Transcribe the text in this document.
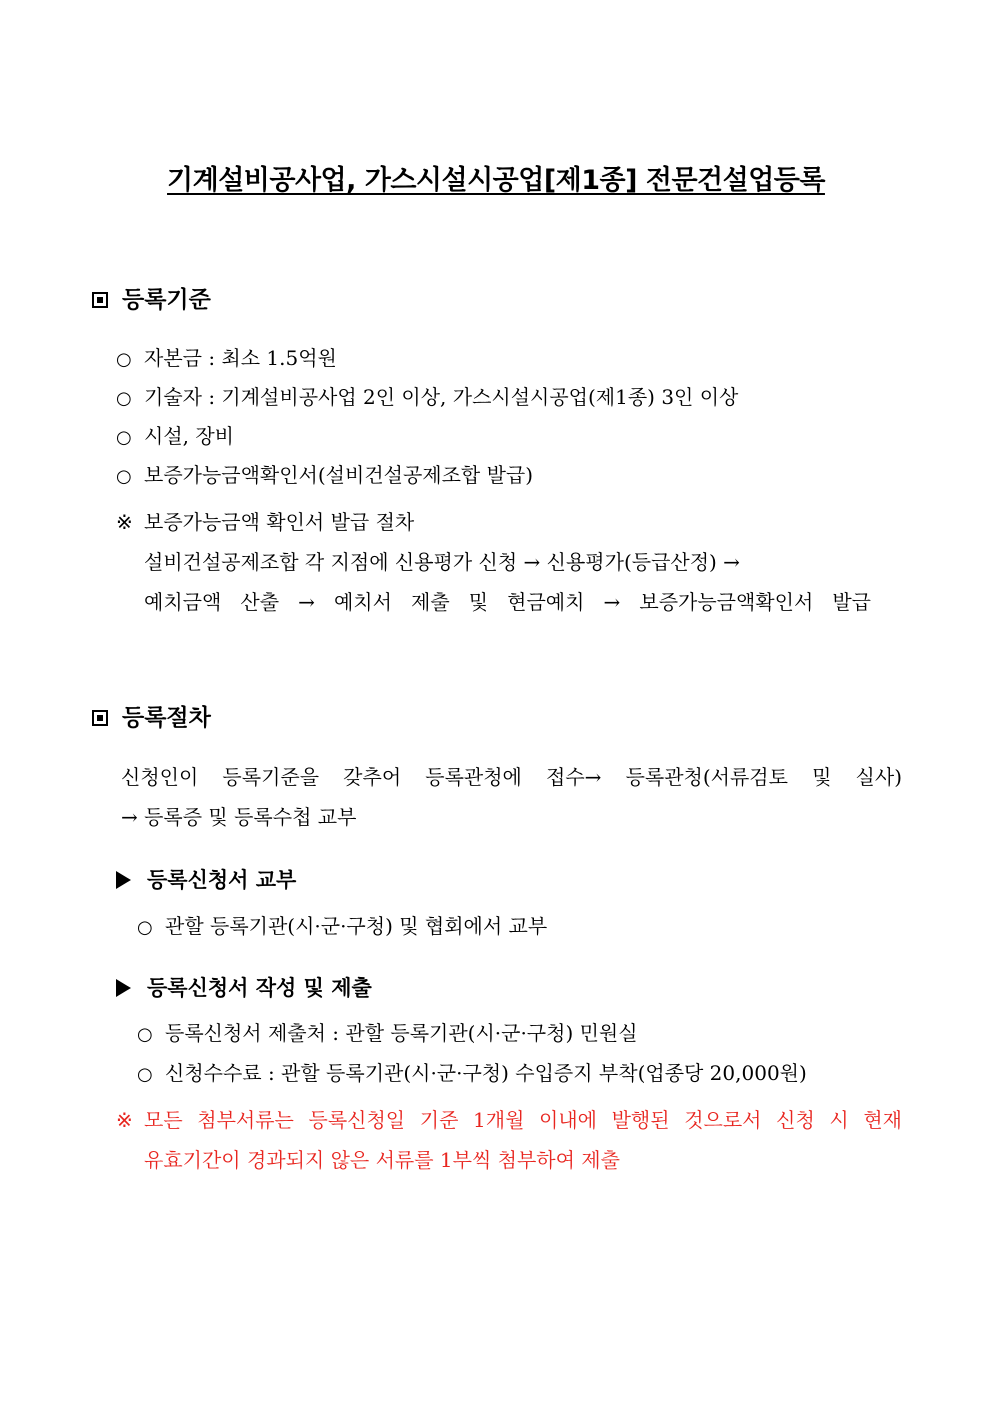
기계설비공사업, 가스시설시공업[제1종] 전문건설업등록
등록기준
○ 자본금 : 최소 1.5억원
○ 기술자 : 기계설비공사업 2인 이상, 가스시설시공업(제1종) 3인 이상
○ 시설, 장비
○ 보증가능금액확인서(설비건설공제조합 발급)
※ 보증가능금액 확인서 발급 절차
설비건설공제조합 각 지점에 신용평가 신청 → 신용평가(등급산정) →
예치금액 산출 → 예치서 제출 및 현금예치 → 보증가능금액확인서 발급
등록절차
신청인이 등록기준을 갖추어 등록관청에 접수→ 등록관청(서류검토 및 실사)
→ 등록증 및 등록수첩 교부
등록신청서 교부
○ 관할 등록기관(시·군·구청) 및 협회에서 교부
등록신청서 작성 및 제출
○ 등록신청서 제출처 : 관할 등록기관(시·군·구청) 민원실
○ 신청수수료 : 관할 등록기관(시·군·구청) 수입증지 부착(업종당 20,000원)
※ 모든 첨부서류는 등록신청일 기준 1개월 이내에 발행된 것으로서 신청 시 현재
유효기간이 경과되지 않은 서류를 1부씩 첨부하여 제출
